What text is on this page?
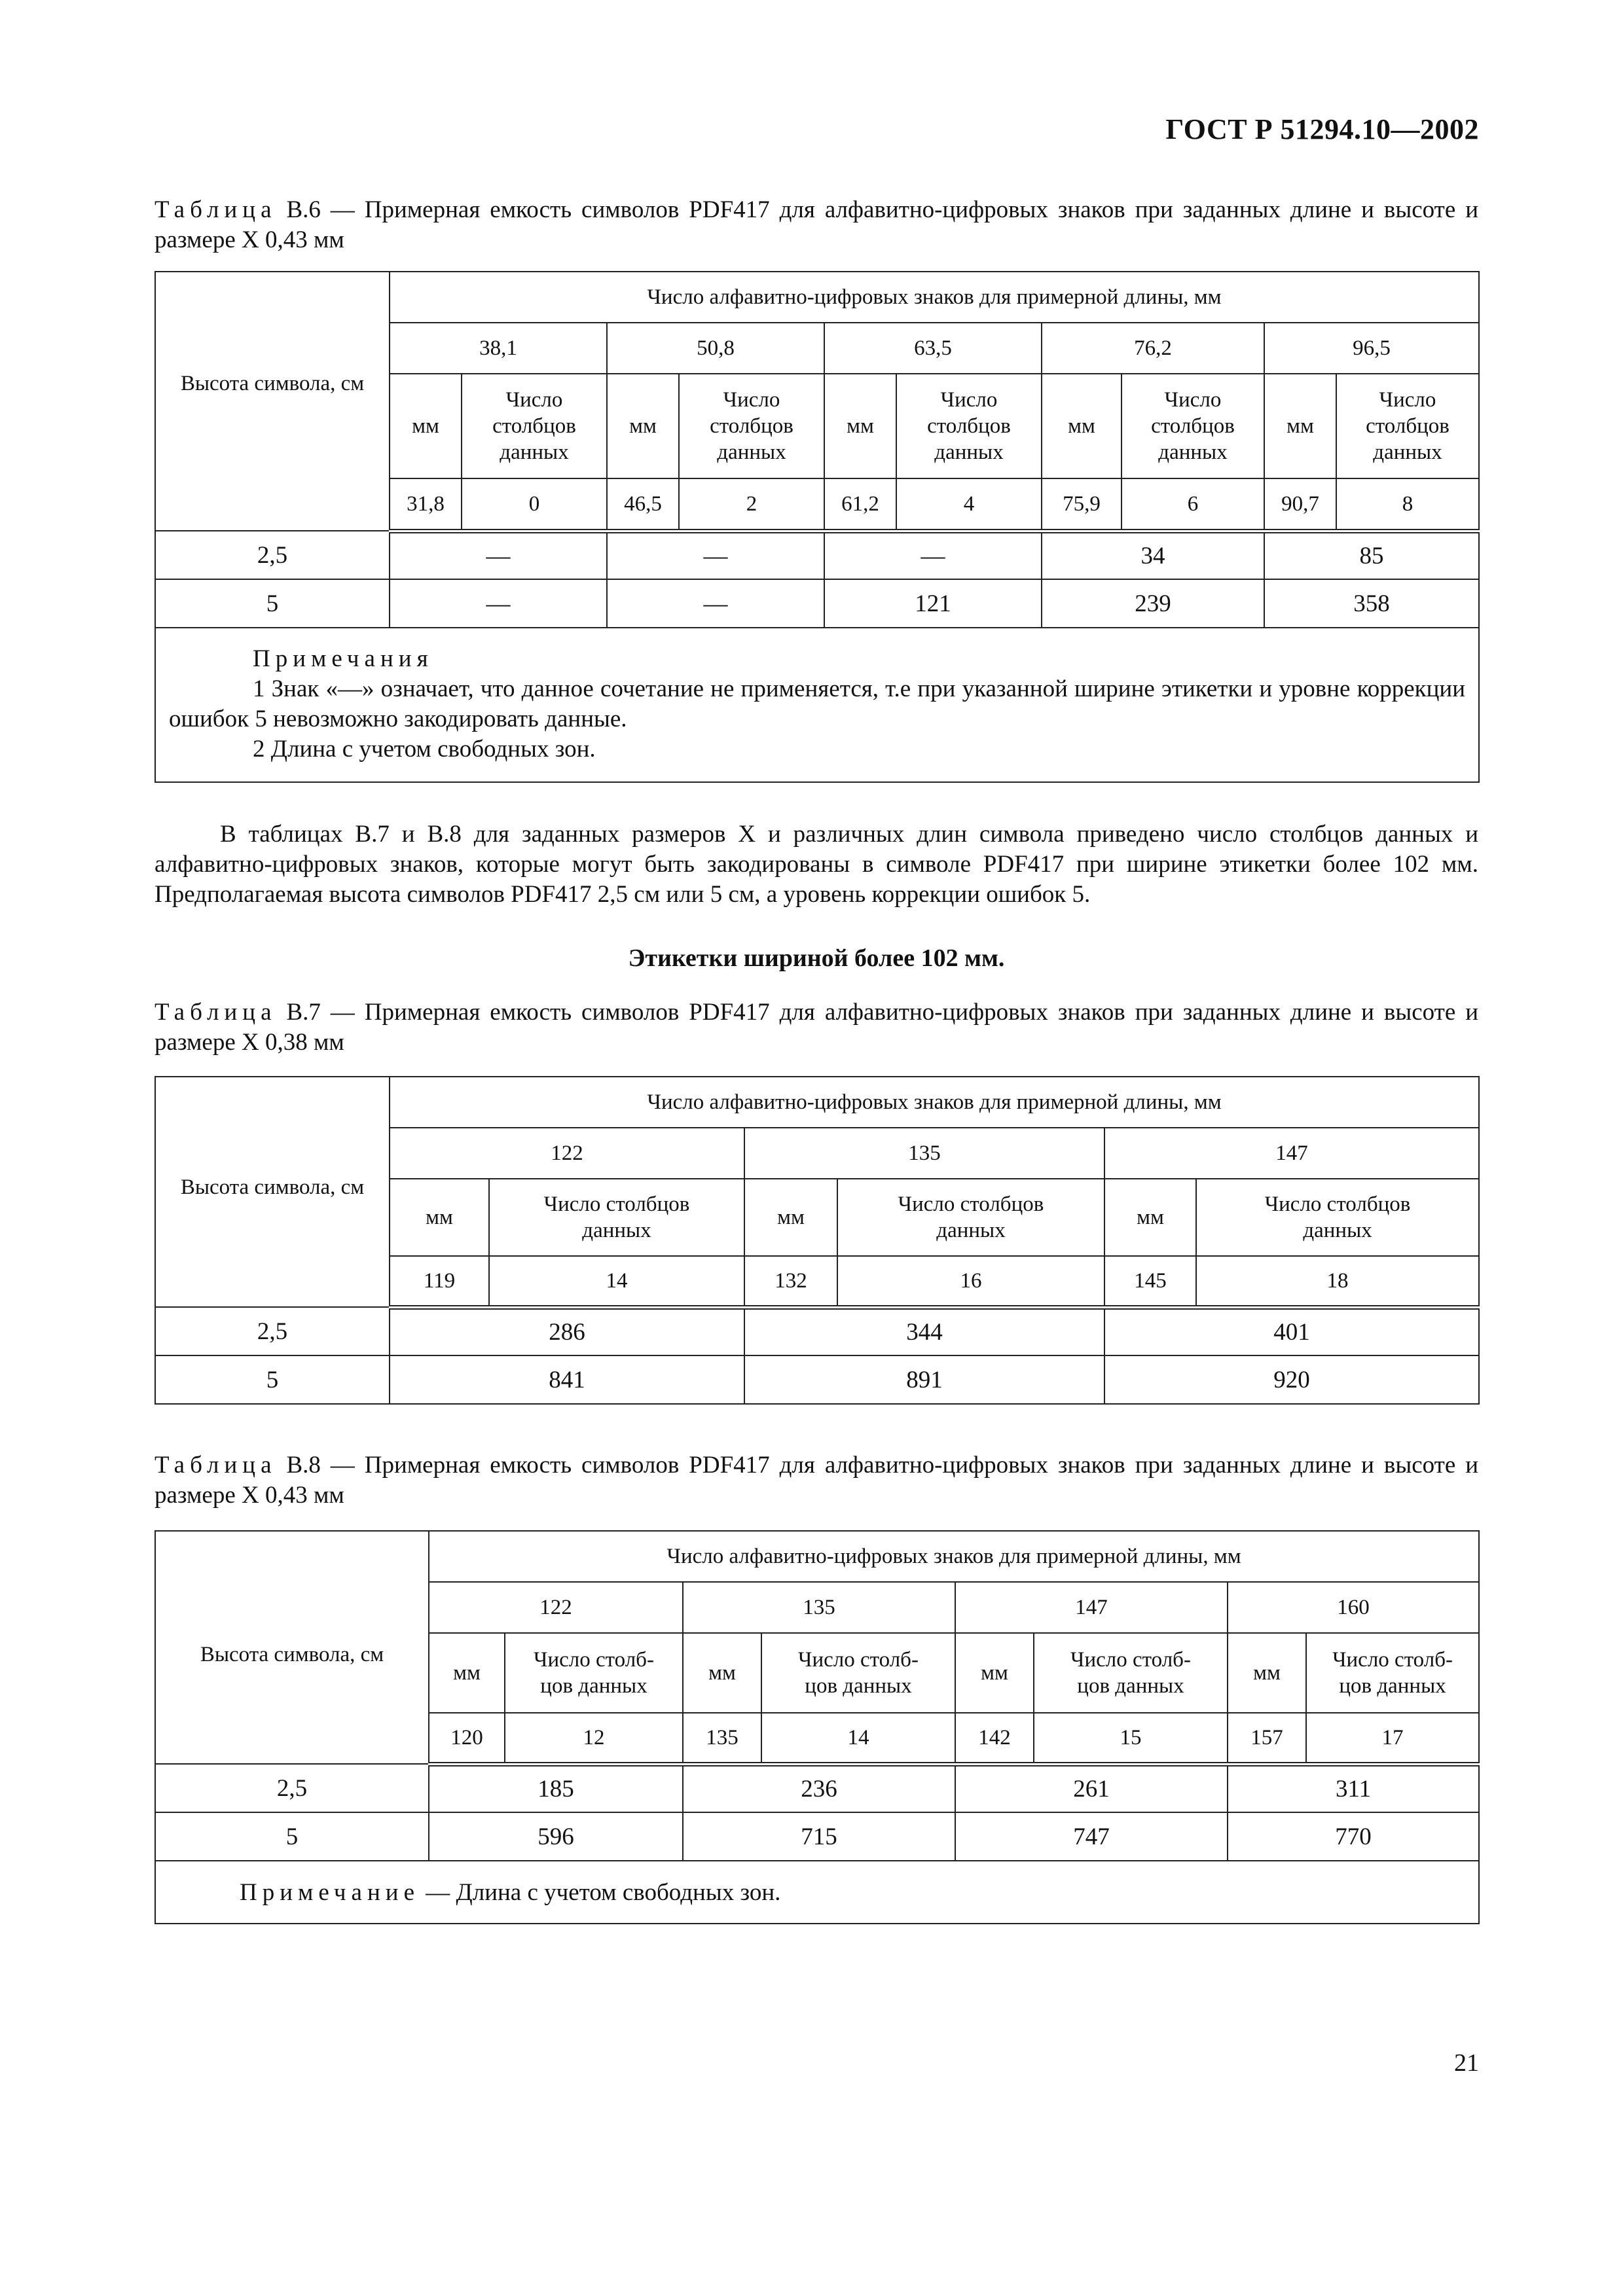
ГОСТ Р 51294.10—2002
Таблица В.6 — Примерная емкость символов PDF417 для алфавитно-цифровых знаков при заданных длине и высоте и размере Х 0,43 мм
Высота символа, см	Число алфавитно-цифровых знаков для примерной длины, мм									
	38,1		50,8		63,5		76,2		96,5	
	мм	Число столбцов данных	мм	Число столбцов данных	мм	Число столбцов данных	мм	Число столбцов данных	мм	Число столбцов данных
	31,8	0	46,5	2	61,2	4	75,9	6	90,7	8
2,5	—		—		—		34		85	
5	—		—		121		239		358	

Примечания
1 Знак «—» означает, что данное сочетание не применяется, т.е при указанной ширине этикетки и уровне коррекции ошибок 5 невозможно закодировать данные.
2 Длина с учетом свободных зон.										
В таблицах В.7 и В.8 для заданных размеров Х и различных длин символа приведено число столбцов данных и алфавитно-цифровых знаков, которые могут быть закодированы в символе PDF417 при ширине этикетки более 102 мм. Предполагаемая высота символов PDF417 2,5 см или 5 см, а уровень коррекции ошибок 5.
Этикетки шириной более 102 мм.
Таблица В.7 — Примерная емкость символов PDF417 для алфавитно-цифровых знаков при заданных длине и высоте и размере Х 0,38 мм
Высота символа, см	Число алфавитно-цифровых знаков для примерной длины, мм					
	122		135		147	
	мм	Число столбцов данных	мм	Число столбцов данных	мм	Число столбцов данных
	119	14	132	16	145	18
2,5	286		344		401	
5	841		891		920	
Таблица В.8 — Примерная емкость символов PDF417 для алфавитно-цифровых знаков при заданных длине и высоте и размере Х 0,43 мм
Высота символа, см	Число алфавитно-цифровых знаков для примерной длины, мм							
	122		135		147		160	
	мм	Число столб-цов данных	мм	Число столб-цов данных	мм	Число столб-цов данных	мм	Число столб-цов данных
	120	12	135	14	142	15	157	17
2,5	185		236		261		311	
5	596		715		747		770	
Примечание — Длина с учетом свободных зон.								
21
